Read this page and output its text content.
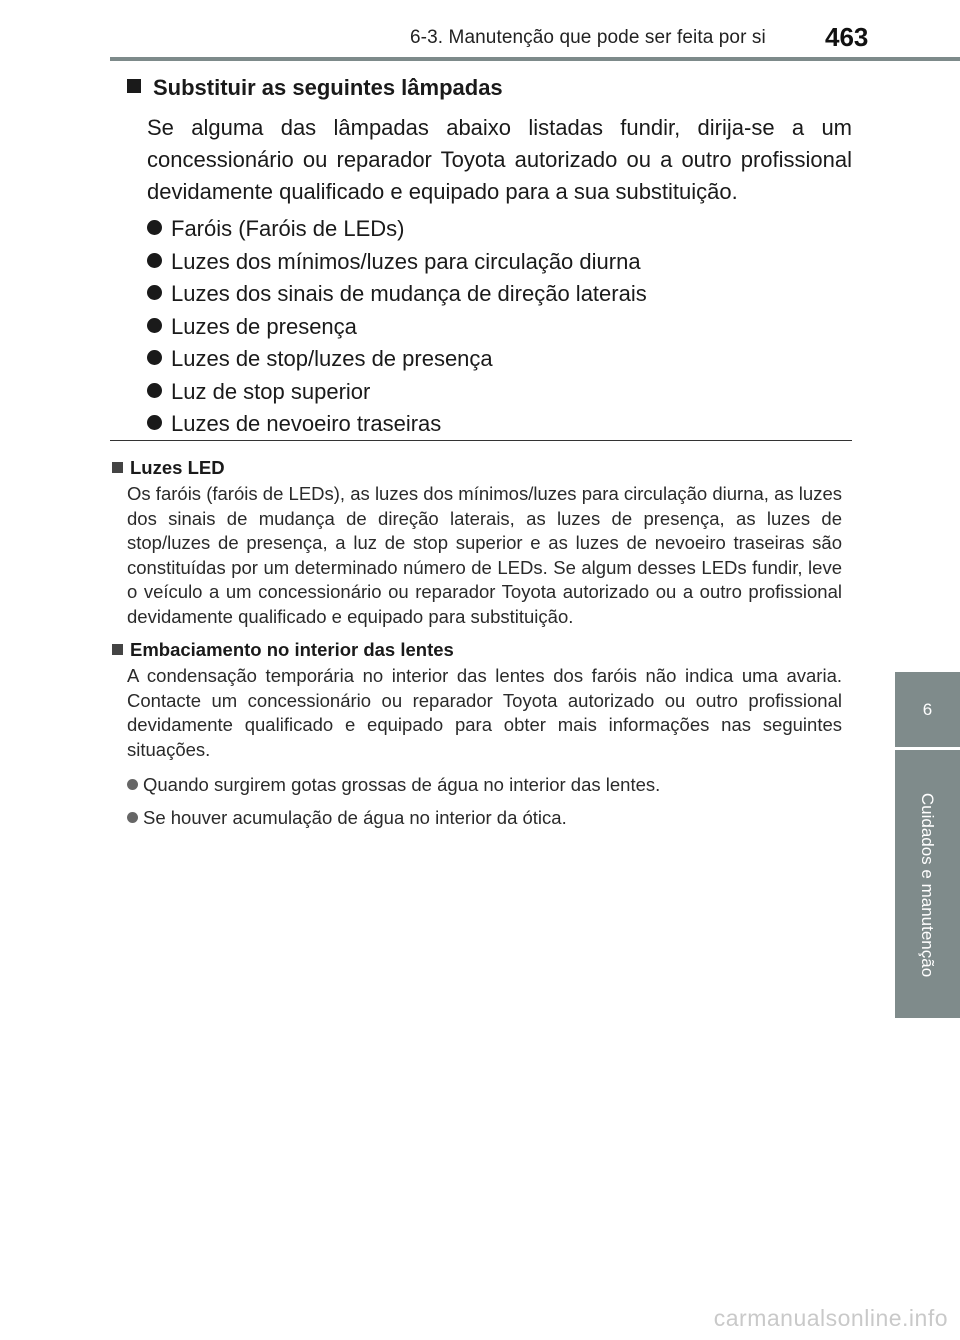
6-3. Manutenção que pode ser feita por si 463
6
Cuidados e manutenção
Substituir as seguintes lâmpadas

Se alguma das lâmpadas abaixo listadas fundir, dirija-se a um concessionário ou reparador Toyota autorizado ou a outro profissional devidamente qualificado e equipado para a sua substituição.

Faróis (Faróis de LEDs)
Luzes dos mínimos/luzes para circulação diurna
Luzes dos sinais de mudança de direção laterais
Luzes de presença
Luzes de stop/luzes de presença
Luz de stop superior
Luzes de nevoeiro traseiras

Luzes LED

Os faróis (faróis de LEDs), as luzes dos mínimos/luzes para circulação diurna, as luzes dos sinais de mudança de direção laterais, as luzes de presença, as luzes de stop/luzes de presença, a luz de stop superior e as luzes de nevoeiro traseiras são constituídas por um determinado número de LEDs. Se algum desses LEDs fundir, leve o veículo a um concessionário ou reparador Toyota autorizado ou a outro profissional devidamente qualificado e equipado para substituição.

Embaciamento no interior das lentes

A condensação temporária no interior das lentes dos faróis não indica uma avaria. Contacte um concessionário ou reparador Toyota autorizado ou outro profissional devidamente qualificado e equipado para obter mais informações nas seguintes situações.

Quando surgirem gotas grossas de água no interior das lentes.
Se houver acumulação de água no interior da ótica.
carmanualsonline.info
